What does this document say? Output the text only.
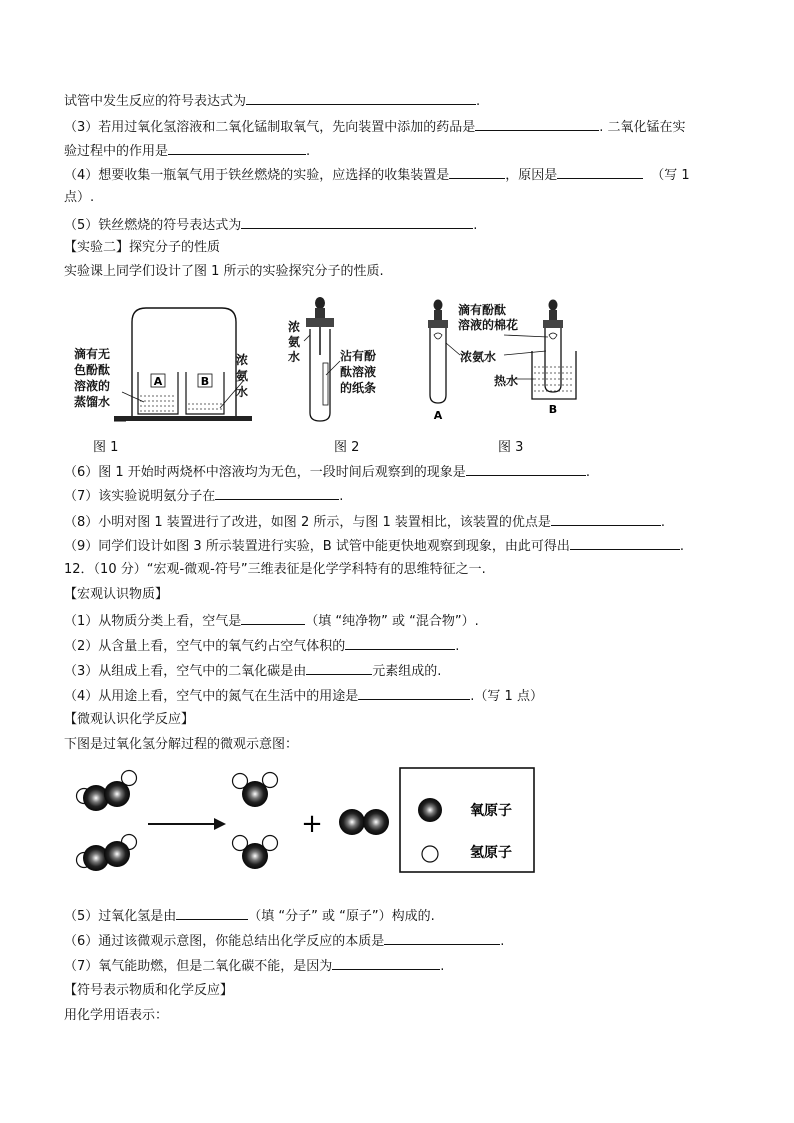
试管中发生反应的符号表达式为	.
（3）若用过氧化氢溶液和二氧化锰制取氧气，先向装置中添加的药品是	. 二氧化锰在实
验过程中的作用是	.
（4）想要收集一瓶氧气用于铁丝燃烧的实验，应选择的收集装置是	，原因是	（写 1
点）.
（5）铁丝燃烧的符号表达式为	.
【实验二】探究分子的性质
实验课上同学们设计了图 1 所示的实验探究分子的性质.
A	B
滴有无
色酚酞
溶液的
蒸馏水
浓
氨
水
图 1
浓
氨
水	沾有酚
酞溶液
的纸条
图 2
A	B
滴有酚酞
溶液的棉花
浓氨水
热水
图 3
（6）图 1 开始时两烧杯中溶液均为无色，一段时间后观察到的现象是	.
（7）该实验说明氨分子在	.
（8）小明对图 1 装置进行了改进，如图 2 所示，与图 1 装置相比，该装置的优点是	.
（9）同学们设计如图 3 所示装置进行实验，B 试管中能更快地观察到现象，由此可得出	.
12．（10 分）“宏观-微观-符号”三维表征是化学学科特有的思维特征之一.
【宏观认识物质】
（1）从物质分类上看，空气是	（填 “纯净物” 或 “混合物”）.
（2）从含量上看，空气中的氧气约占空气体积的	.
（3）从组成上看，空气中的二氧化碳是由	元素组成的.
（4）从用途上看，空气中的氮气在生活中的用途是	.（写 1 点）
【微观认识化学反应】
下图是过氧化氢分解过程的微观示意图：
+	氧原子
氢原子
（5）过氧化氢是由	（填 “分子” 或 “原子”）构成的.
（6）通过该微观示意图，你能总结出化学反应的本质是	.
（7）氧气能助燃，但是二氧化碳不能，是因为	.
【符号表示物质和化学反应】
用化学用语表示：
